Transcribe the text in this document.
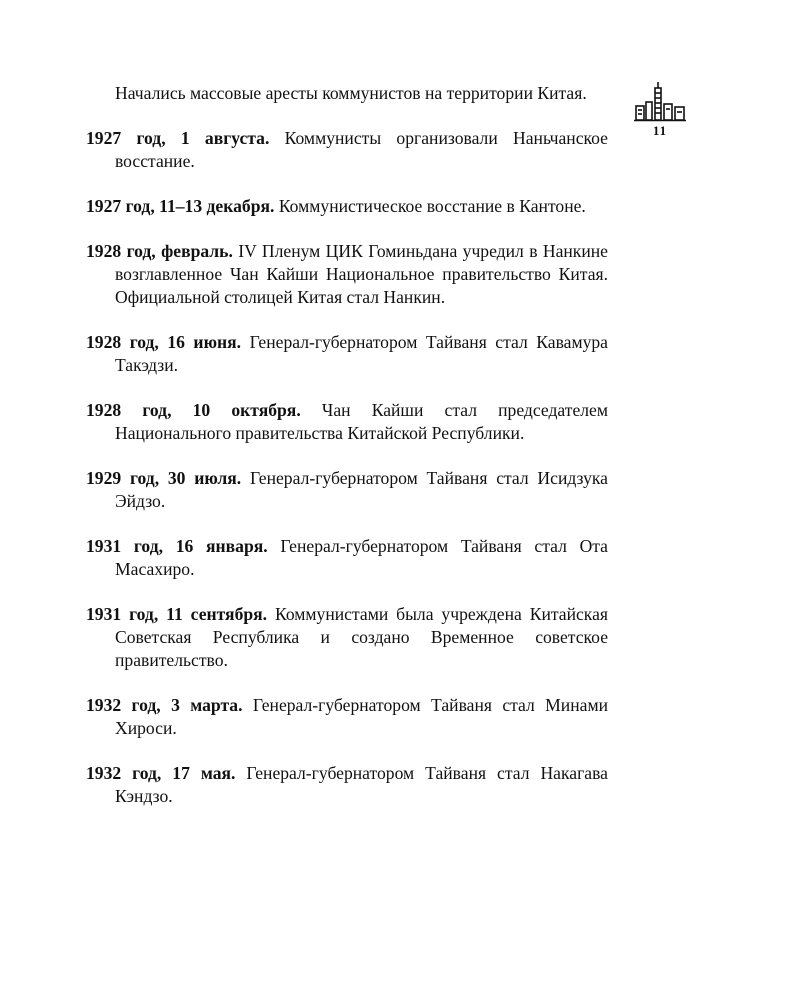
Начались массовые аресты коммунистов на территории Китая.

1927 год, 1 августа. Коммунисты организовали Наньчанское восстание.

1927 год, 11–13 декабря. Коммунистическое восстание в Кантоне.

1928 год, февраль. IV Пленум ЦИК Гоминьдана учредил в Нанкине возглавленное Чан Кайши Национальное правительство Китая. Официальной столицей Китая стал Нанкин.

1928 год, 16 июня. Генерал-губернатором Тайваня стал Кавамура Такэдзи.

1928 год, 10 октября. Чан Кайши стал председателем Национального правительства Китайской Республики.

1929 год, 30 июля. Генерал-губернатором Тайваня стал Исидзука Эйдзо.

1931 год, 16 января. Генерал-губернатором Тайваня стал Ота Масахиро.

1931 год, 11 сентября. Коммунистами была учреждена Китайская Советская Республика и создано Временное советское правительство.

1932 год, 3 марта. Генерал-губернатором Тайваня стал Минами Хироси.

1932 год, 17 мая. Генерал-губернатором Тайваня стал Накагава Кэндзо.

11
